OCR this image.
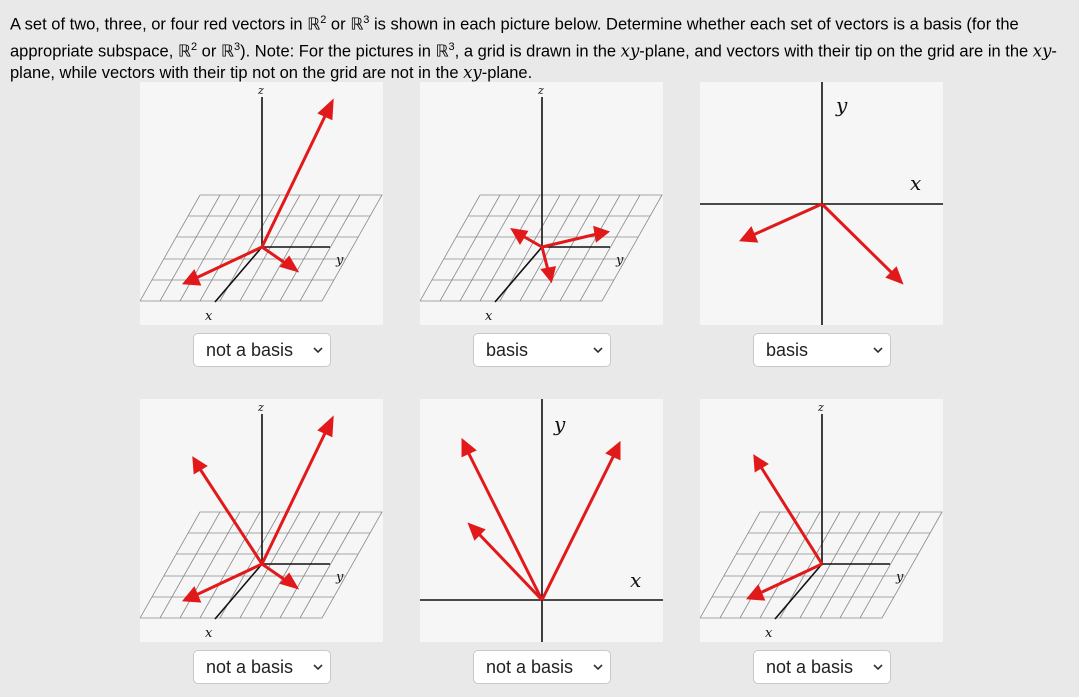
A set of two, three, or four red vectors in ℝ$^2$ or ℝ$^3$ is shown in each picture below. Determine whether each set of vectors is a basis (for the appropriate subspace, ℝ$^2$ or ℝ$^3$). Note: For the pictures in ℝ$^3$, a grid is drawn in the xy-plane, and vectors with their tip on the grid are in the xy-plane, while vectors with their tip not on the grid are not in the xy-plane.
z
y
x
not a basis
z
y
x
basis
y
x
basis
z
y
x
not a basis
y
x
not a basis
z
y
x
not a basis
